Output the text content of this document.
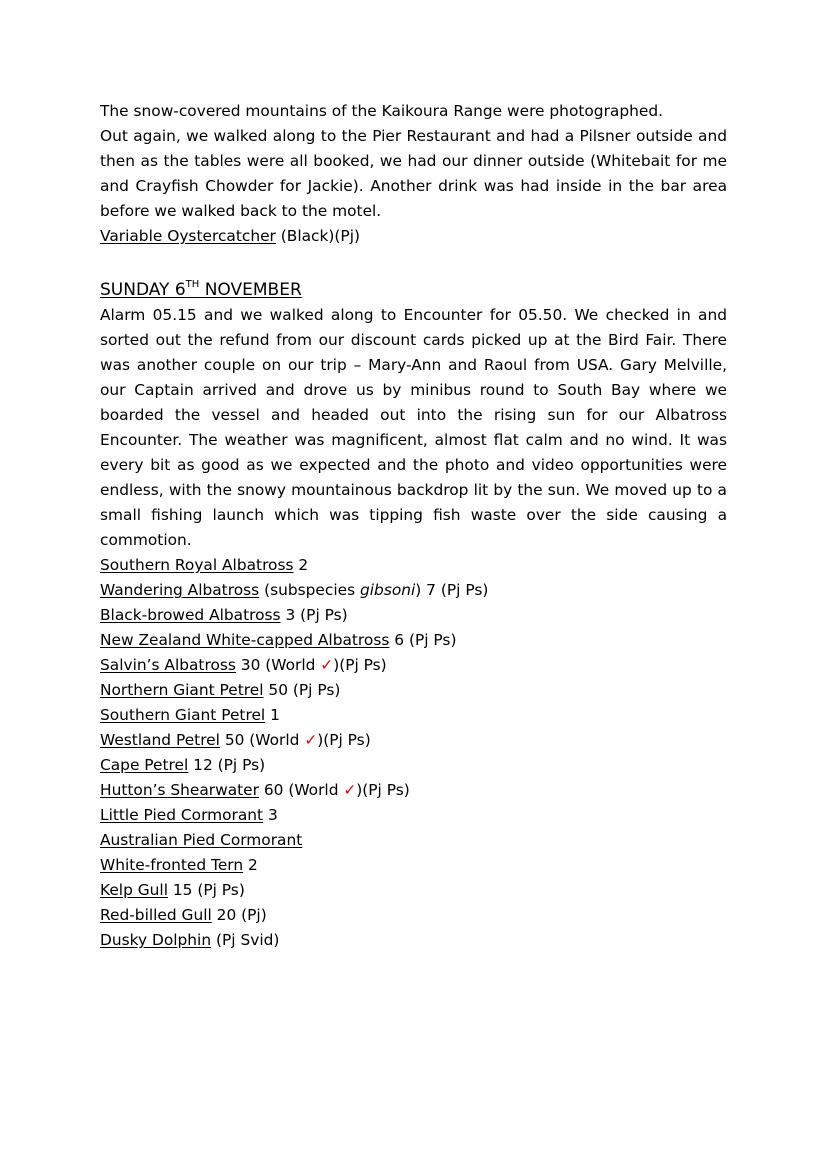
The snow-covered mountains of the Kaikoura Range were photographed.

Out again, we walked along to the Pier Restaurant and had a Pilsner outside and then as the tables were all booked, we had our dinner outside (Whitebait for me and Crayfish Chowder for Jackie). Another drink was had inside in the bar area before we walked back to the motel.

Variable Oystercatcher (Black)(Pj)
SUNDAY 6TH NOVEMBER

Alarm 05.15 and we walked along to Encounter for 05.50. We checked in and sorted out the refund from our discount cards picked up at the Bird Fair. There was another couple on our trip – Mary-Ann and Raoul from USA. Gary Melville, our Captain arrived and drove us by minibus round to South Bay where we boarded the vessel and headed out into the rising sun for our Albatross Encounter. The weather was magnificent, almost flat calm and no wind. It was every bit as good as we expected and the photo and video opportunities were endless, with the snowy mountainous backdrop lit by the sun. We moved up to a small fishing launch which was tipping fish waste over the side causing a commotion.

Southern Royal Albatross 2
Wandering Albatross (subspecies gibsoni) 7 (Pj Ps)
Black-browed Albatross 3 (Pj Ps)
New Zealand White-capped Albatross 6 (Pj Ps)
Salvin’s Albatross 30 (World ✓)(Pj Ps)
Northern Giant Petrel 50 (Pj Ps)
Southern Giant Petrel 1
Westland Petrel 50 (World ✓)(Pj Ps)
Cape Petrel 12 (Pj Ps)
Hutton’s Shearwater 60 (World ✓)(Pj Ps)
Little Pied Cormorant 3
Australian Pied Cormorant
White-fronted Tern 2
Kelp Gull 15 (Pj Ps)
Red-billed Gull 20 (Pj)
Dusky Dolphin (Pj Svid)
